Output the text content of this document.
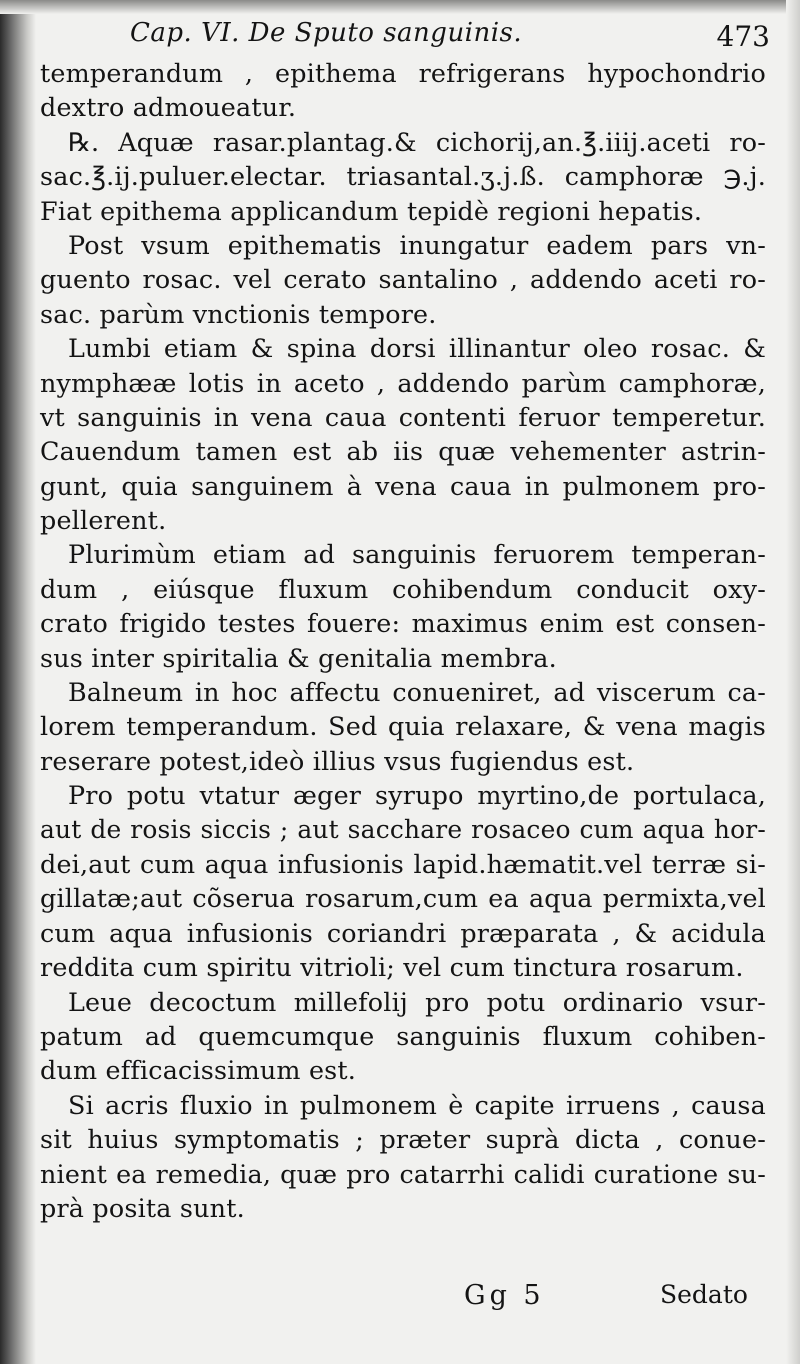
Cap. VI. De Sputo sanguinis.	473
temperandum , epithema refrigerans hypochondrio
dextro admoueatur.
℞. Aquæ rasar.plantag.& cichorij,an.℥.iiij.aceti ro-
sac.℥.ij.puluer.electar. triasantal.ʒ.j.ß. camphoræ ℈.j.
Fiat epithema applicandum tepidè regioni hepatis.
Post vsum epithematis inungatur eadem pars vn-
guento rosac. vel cerato santalino , addendo aceti ro-
sac. parùm vnctionis tempore.
Lumbi etiam & spina dorsi illinantur oleo rosac. &
nymphææ lotis in aceto , addendo parùm camphoræ,
vt sanguinis in vena caua contenti feruor temperetur.
Cauendum tamen est ab iis quæ vehementer astrin-
gunt, quia sanguinem à vena caua in pulmonem pro-
pellerent.
Plurimùm etiam ad sanguinis feruorem temperan-
dum , eiúsque fluxum cohibendum conducit oxy-
crato frigido testes fouere: maximus enim est consen-
sus inter spiritalia & genitalia membra.
Balneum in hoc affectu conueniret, ad viscerum ca-
lorem temperandum. Sed quia relaxare, & vena magis
reserare potest,ideò illius vsus fugiendus est.
Pro potu vtatur æger syrupo myrtino,de portulaca,
aut de rosis siccis ; aut sacchare rosaceo cum aqua hor-
dei,aut cum aqua infusionis lapid.hæmatit.vel terræ si-
gillatæ;aut cõserua rosarum,cum ea aqua permixta,vel
cum aqua infusionis coriandri præparata , & acidula
reddita cum spiritu vitrioli; vel cum tinctura rosarum.
Leue decoctum millefolij pro potu ordinario vsur-
patum ad quemcumque sanguinis fluxum cohiben-
dum efficacissimum est.
Si acris fluxio in pulmonem è capite irruens , causa
sit huius symptomatis ; præter suprà dicta , conue-
nient ea remedia, quæ pro catarrhi calidi curatione su-
prà posita sunt.
Gg 5	Sedato
